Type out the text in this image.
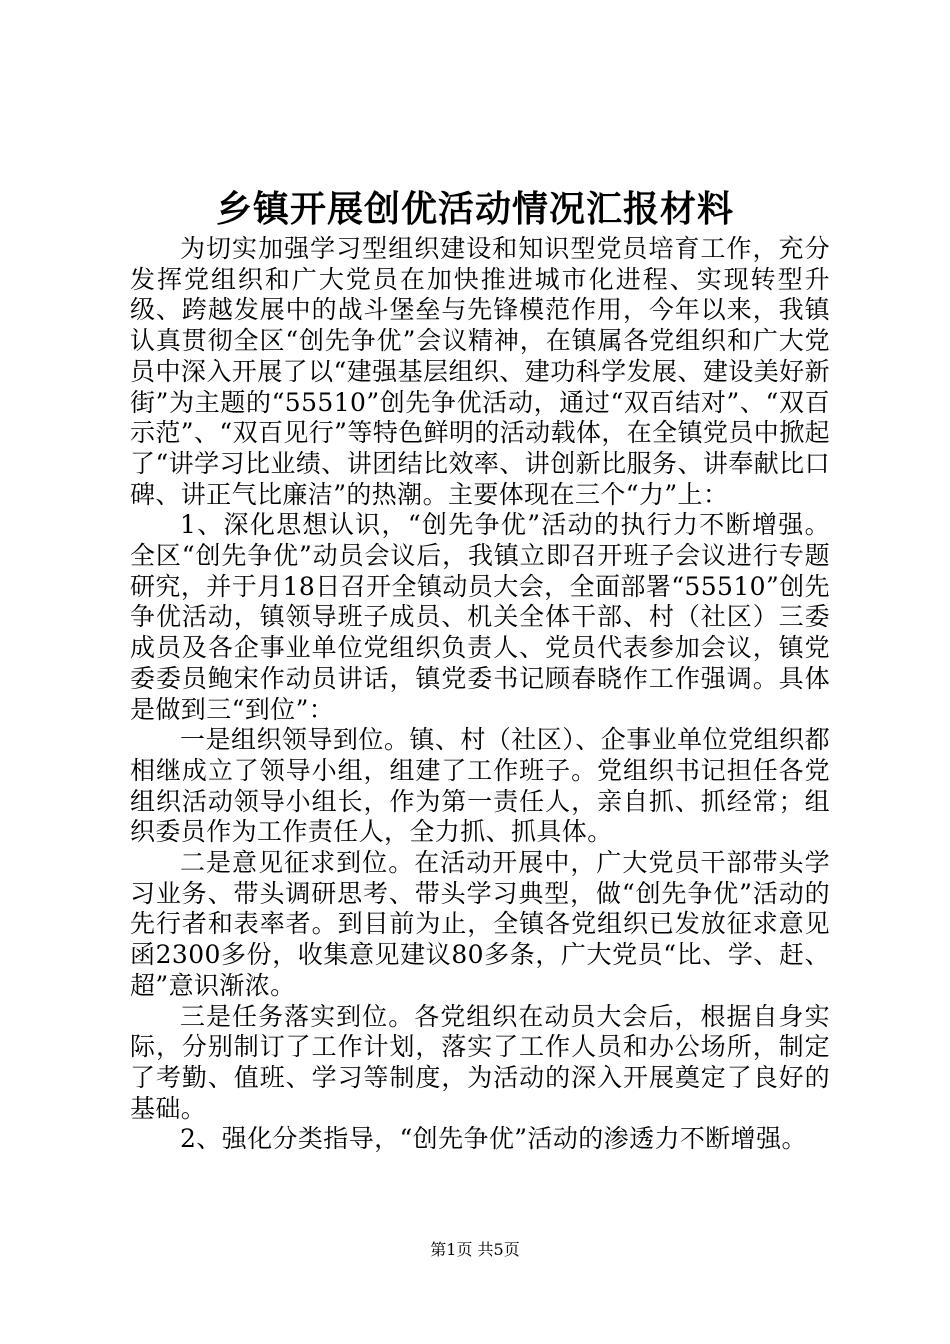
乡镇开展创优活动情况汇报材料

为切实加强学习型组织建设和知识型党员培育工作，充分发挥党组织和广大党员在加快推进城市化进程、实现转型升级、跨越发展中的战斗堡垒与先锋模范作用，今年以来，我镇认真贯彻全区“创先争优”会议精神，在镇属各党组织和广大党员中深入开展了以“建强基层组织、建功科学发展、建设美好新街”为主题的“55510”创先争优活动，通过“双百结对”、“双百示范”、“双百见行”等特色鲜明的活动载体，在全镇党员中掀起了“讲学习比业绩、讲团结比效率、讲创新比服务、讲奉献比口碑、讲正气比廉洁”的热潮。主要体现在三个“力”上：

1、深化思想认识，“创先争优”活动的执行力不断增强。全区“创先争优”动员会议后，我镇立即召开班子会议进行专题研究，并于月18日召开全镇动员大会，全面部署“55510”创先争优活动，镇领导班子成员、机关全体干部、村（社区）三委成员及各企事业单位党组织负责人、党员代表参加会议，镇党委委员鲍宋作动员讲话，镇党委书记顾春晓作工作强调。具体是做到三“到位”：

一是组织领导到位。镇、村（社区）、企事业单位党组织都相继成立了领导小组，组建了工作班子。党组织书记担任各党组织活动领导小组长，作为第一责任人，亲自抓、抓经常；组织委员作为工作责任人，全力抓、抓具体。

二是意见征求到位。在活动开展中，广大党员干部带头学习业务、带头调研思考、带头学习典型，做“创先争优”活动的先行者和表率者。到目前为止，全镇各党组织已发放征求意见函2300多份，收集意见建议80多条，广大党员“比、学、赶、超”意识渐浓。

三是任务落实到位。各党组织在动员大会后，根据自身实际，分别制订了工作计划，落实了工作人员和办公场所，制定了考勤、值班、学习等制度，为活动的深入开展奠定了良好的基础。

2、强化分类指导，“创先争优”活动的渗透力不断增强。

第1页 共5页
